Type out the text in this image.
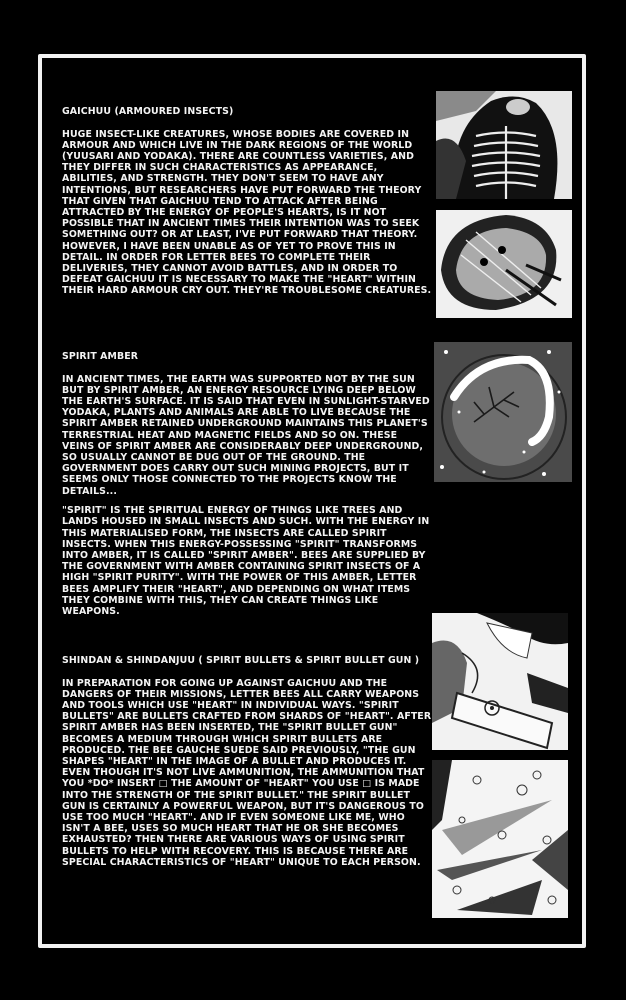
GAICHUU (ARMOURED INSECTS)

HUGE INSECT-LIKE CREATURES, WHOSE BODIES ARE COVERED IN ARMOUR AND WHICH LIVE IN THE DARK REGIONS OF THE WORLD (YUUSARI AND YODAKA). THERE ARE COUNTLESS VARIETIES, AND THEY DIFFER IN SUCH CHARACTERISTICS AS APPEARANCE, ABILITIES, AND STRENGTH. THEY DON'T SEEM TO HAVE ANY INTENTIONS, BUT RESEARCHERS HAVE PUT FORWARD THE THEORY THAT GIVEN THAT GAICHUU TEND TO ATTACK AFTER BEING ATTRACTED BY THE ENERGY OF PEOPLE'S HEARTS, IS IT NOT POSSIBLE THAT IN ANCIENT TIMES THEIR INTENTION WAS TO SEEK SOMETHING OUT? OR AT LEAST, I'VE PUT FORWARD THAT THEORY. HOWEVER, I HAVE BEEN UNABLE AS OF YET TO PROVE THIS IN DETAIL. IN ORDER FOR LETTER BEES TO COMPLETE THEIR DELIVERIES, THEY CANNOT AVOID BATTLES, AND IN ORDER TO DEFEAT GAICHUU IT IS NECESSARY TO MAKE THE "HEART" WITHIN THEIR HARD ARMOUR CRY OUT. THEY'RE TROUBLESOME CREATURES.

SPIRIT AMBER

IN ANCIENT TIMES, THE EARTH WAS SUPPORTED NOT BY THE SUN BUT BY SPIRIT AMBER, AN ENERGY RESOURCE LYING DEEP BELOW THE EARTH'S SURFACE. IT IS SAID THAT EVEN IN SUNLIGHT-STARVED YODAKA, PLANTS AND ANIMALS ARE ABLE TO LIVE BECAUSE THE SPIRIT AMBER RETAINED UNDERGROUND MAINTAINS THIS PLANET'S TERRESTRIAL HEAT AND MAGNETIC FIELDS AND SO ON. THESE VEINS OF SPIRIT AMBER ARE CONSIDERABLY DEEP UNDERGROUND, SO USUALLY CANNOT BE DUG OUT OF THE GROUND. THE GOVERNMENT DOES CARRY OUT SUCH MINING PROJECTS, BUT IT SEEMS ONLY THOSE CONNECTED TO THE PROJECTS KNOW THE DETAILS...

"SPIRIT" IS THE SPIRITUAL ENERGY OF THINGS LIKE TREES AND LANDS HOUSED IN SMALL INSECTS AND SUCH. WITH THE ENERGY IN THIS MATERIALISED FORM, THE INSECTS ARE CALLED SPIRIT INSECTS. WHEN THIS ENERGY-POSSESSING "SPIRIT" TRANSFORMS INTO AMBER, IT IS CALLED "SPIRIT AMBER". BEES ARE SUPPLIED BY THE GOVERNMENT WITH AMBER CONTAINING SPIRIT INSECTS OF A HIGH "SPIRIT PURITY". WITH THE POWER OF THIS AMBER, LETTER BEES AMPLIFY THEIR "HEART", AND DEPENDING ON WHAT ITEMS THEY COMBINE WITH THIS, THEY CAN CREATE THINGS LIKE WEAPONS.

SHINDAN & SHINDANJUU ( SPIRIT BULLETS & SPIRIT BULLET GUN )

IN PREPARATION FOR GOING UP AGAINST GAICHUU AND THE DANGERS OF THEIR MISSIONS, LETTER BEES ALL CARRY WEAPONS AND TOOLS WHICH USE "HEART" IN INDIVIDUAL WAYS. "SPIRIT BULLETS" ARE BULLETS CRAFTED FROM SHARDS OF "HEART". AFTER SPIRIT AMBER HAS BEEN INSERTED, THE "SPIRIT BULLET GUN" BECOMES A MEDIUM THROUGH WHICH SPIRIT BULLETS ARE PRODUCED. THE BEE GAUCHE SUEDE SAID PREVIOUSLY, "THE GUN SHAPES "HEART" IN THE IMAGE OF A BULLET AND PRODUCES IT. EVEN THOUGH IT'S NOT LIVE AMMUNITION, THE AMMUNITION THAT YOU *DO* INSERT □ THE AMOUNT OF "HEART" YOU USE □ IS MADE INTO THE STRENGTH OF THE SPIRIT BULLET." THE SPIRIT BULLET GUN IS CERTAINLY A POWERFUL WEAPON, BUT IT'S DANGEROUS TO USE TOO MUCH "HEART". AND IF EVEN SOMEONE LIKE ME, WHO ISN'T A BEE, USES SO MUCH HEART THAT HE OR SHE BECOMES EXHAUSTED? THEN THERE ARE VARIOUS WAYS OF USING SPIRIT BULLETS TO HELP WITH RECOVERY. THIS IS BECAUSE THERE ARE SPECIAL CHARACTERISTICS OF "HEART" UNIQUE TO EACH PERSON.
